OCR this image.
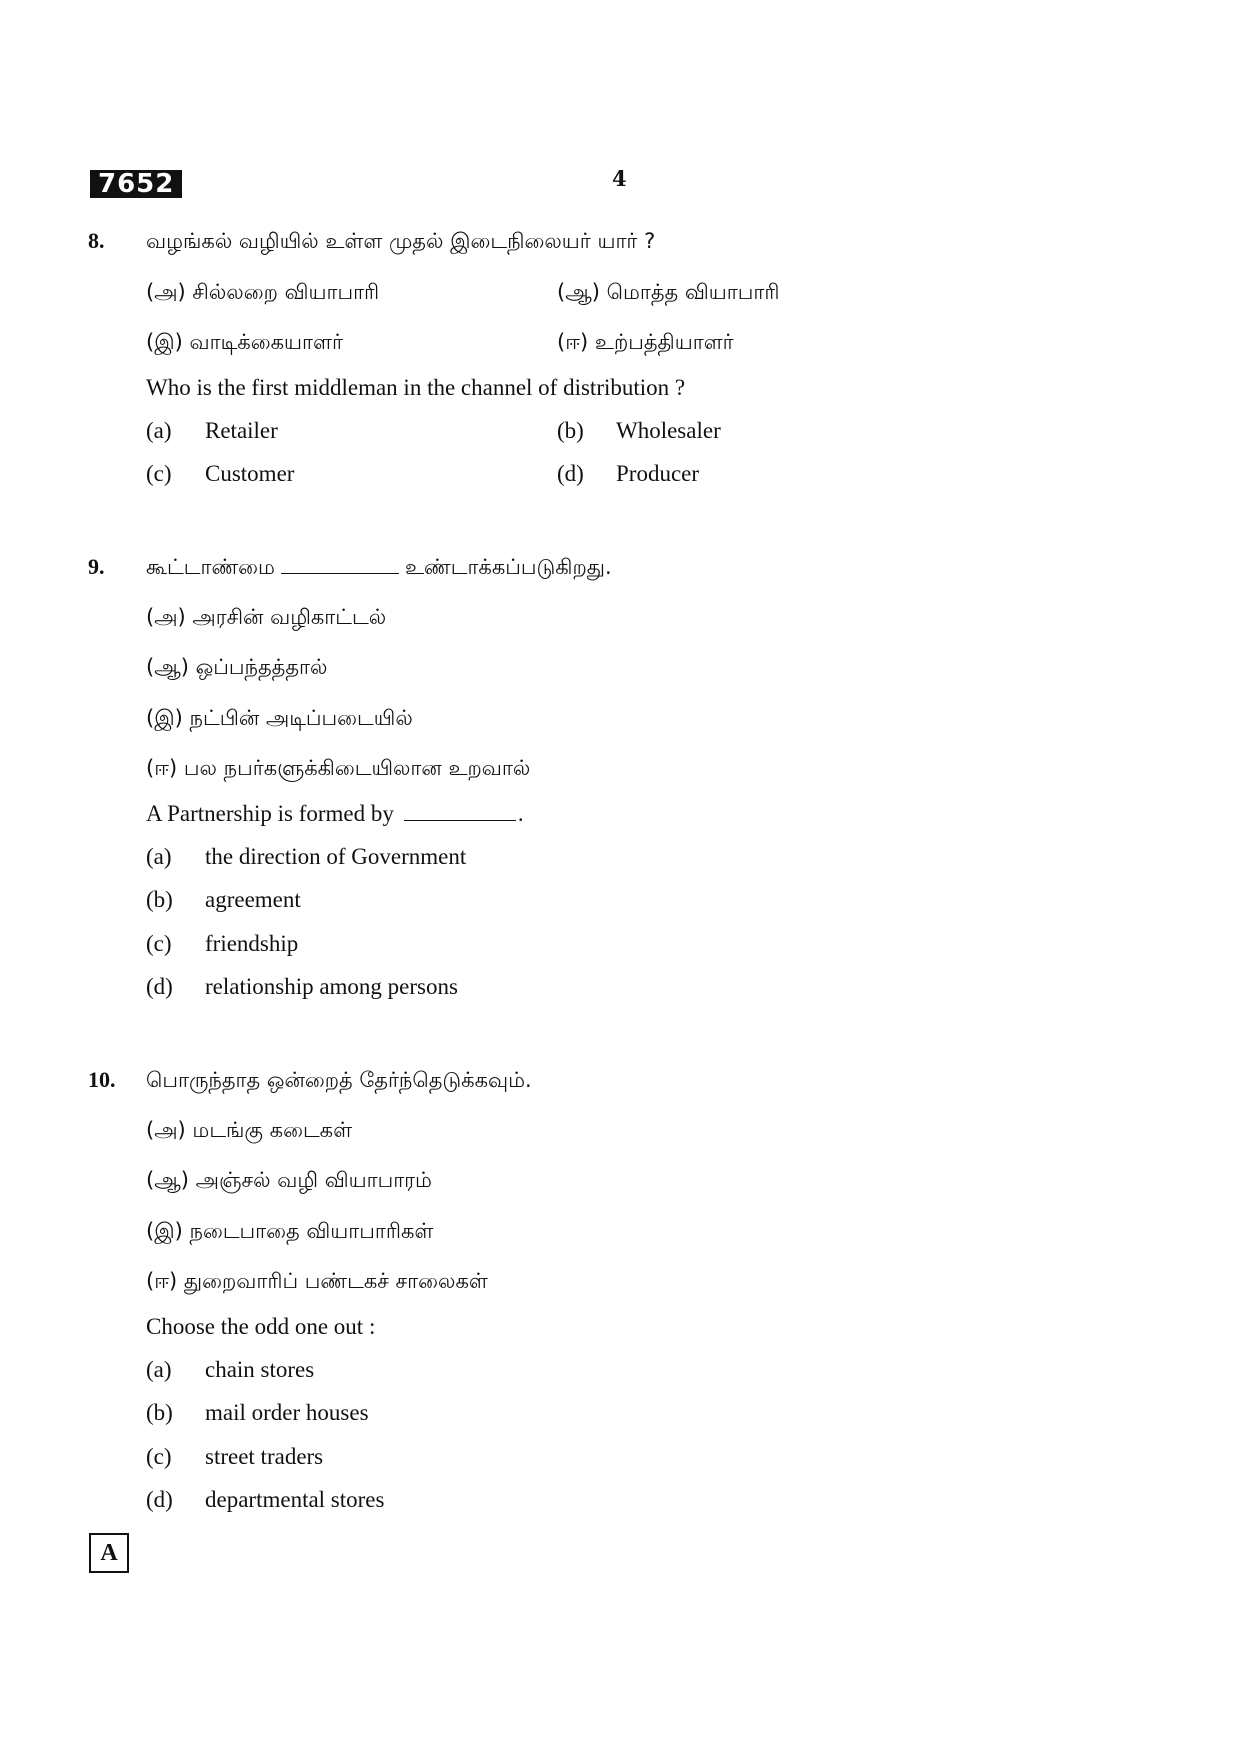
7652	4
8. வழங்கல் வழியில் உள்ள முதல் இடைநிலையர் யார் ?
(அ) சில்லறை வியாபாரி	(ஆ) மொத்த வியாபாரி
(இ) வாடிக்கையாளர்	(ஈ) உற்பத்தியாளர்
Who is the first middleman in the channel of distribution ?
(a) Retailer	(b) Wholesaler
(c) Customer	(d) Producer
9. கூட்டாண்மை	உண்டாக்கப்படுகிறது.
(அ) அரசின் வழிகாட்டல்
(ஆ) ஒப்பந்தத்தால்
(இ) நட்பின் அடிப்படையில்
(ஈ) பல நபர்களுக்கிடையிலான உறவால்
A Partnership is formed by	.
(a) the direction of Government
(b) agreement
(c) friendship
(d) relationship among persons
10. பொருந்தாத ஒன்றைத் தேர்ந்தெடுக்கவும்.
(அ) மடங்கு கடைகள்
(ஆ) அஞ்சல் வழி வியாபாரம்
(இ) நடைபாதை வியாபாரிகள்
(ஈ) துறைவாரிப் பண்டகச் சாலைகள்
Choose the odd one out :
(a) chain stores
(b) mail order houses
(c) street traders
(d) departmental stores
A
